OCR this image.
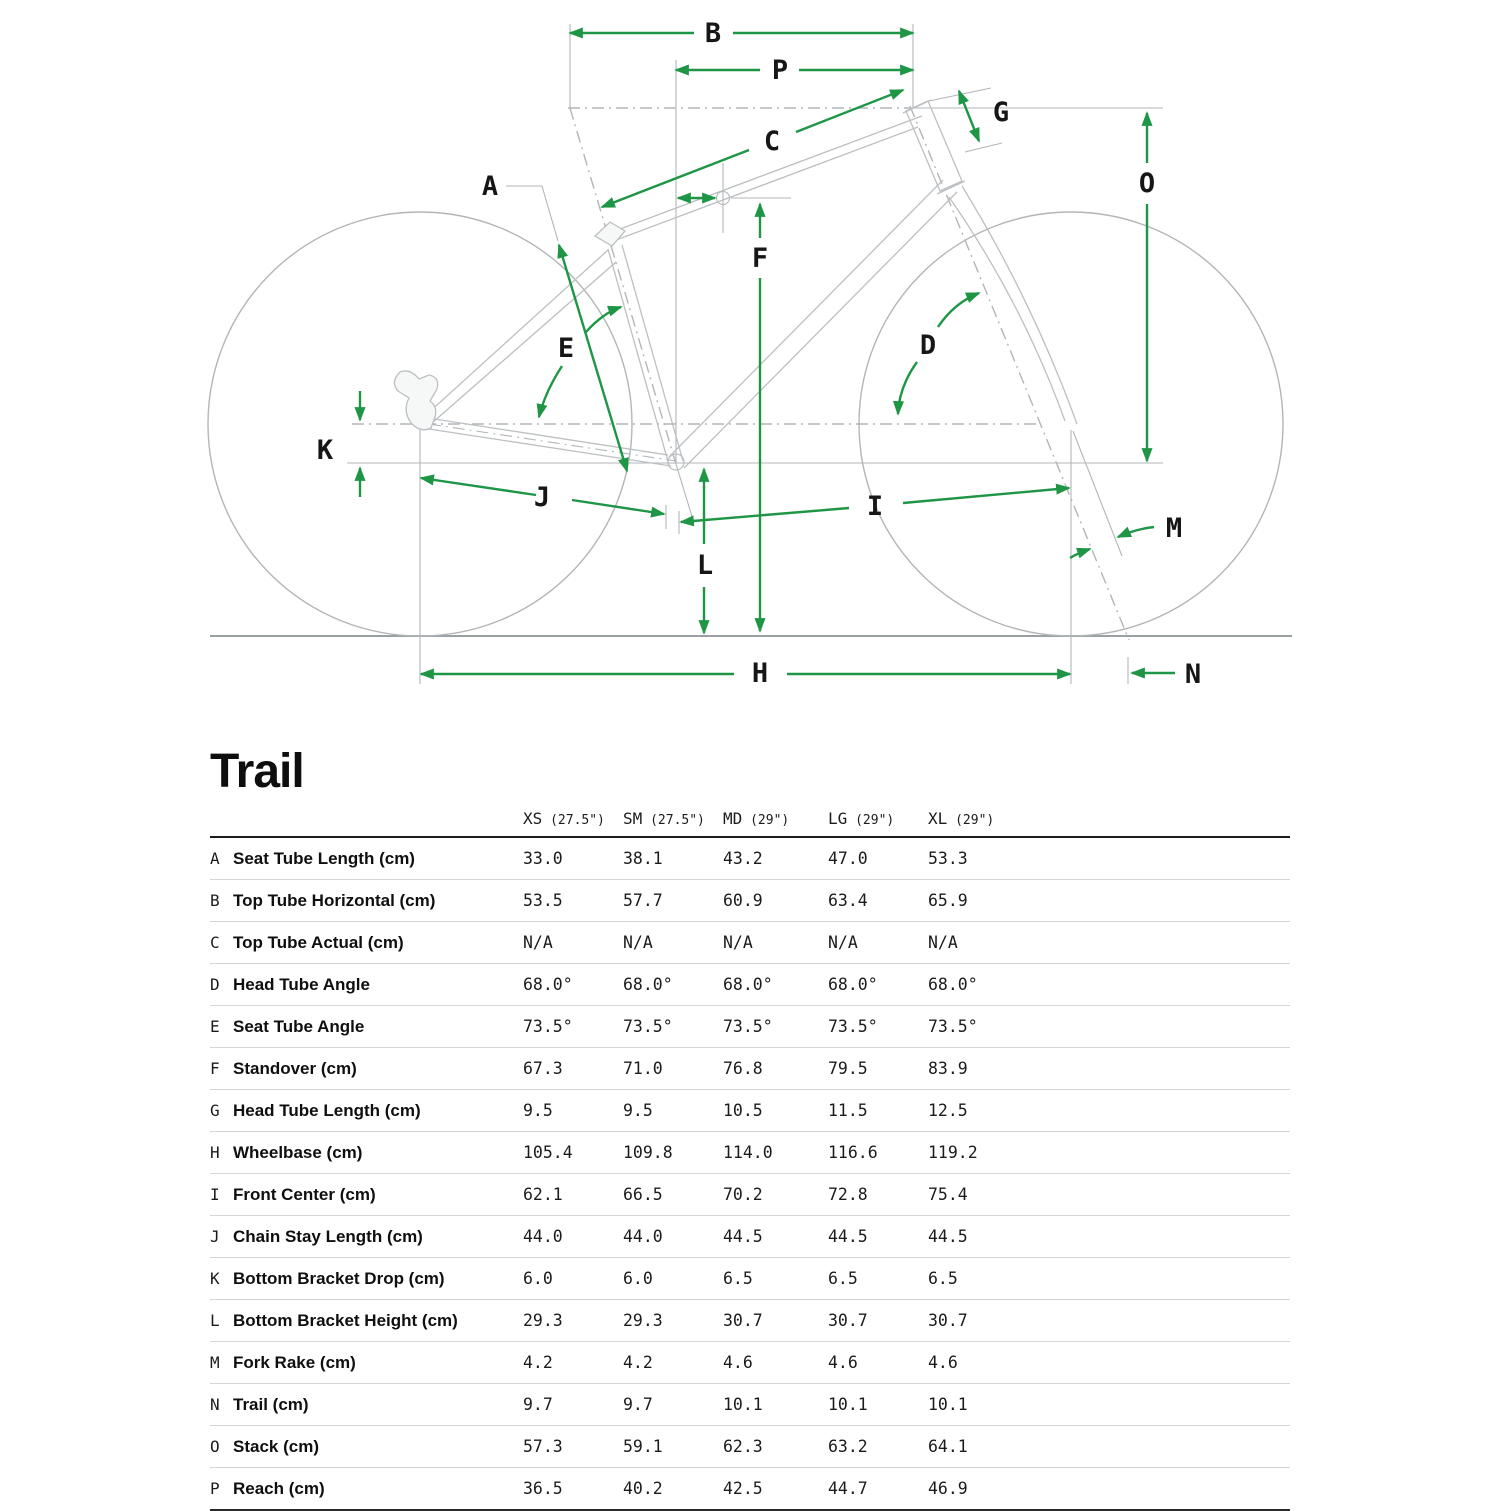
B
P
C
G
A	O
F
E	D
K
J	I
L
M
H	N
Trail
XS (27.5")	SM (27.5")	MD (29")	LG (29")	XL (29")
A Seat Tube Length (cm)	33.0	38.1	43.2	47.0	53.3
B Top Tube Horizontal (cm)	53.5	57.7	60.9	63.4	65.9
C Top Tube Actual (cm)	N/A	N/A	N/A	N/A	N/A
D Head Tube Angle	68.0°	68.0°	68.0°	68.0°	68.0°
E Seat Tube Angle	73.5°	73.5°	73.5°	73.5°	73.5°
F Standover (cm)	67.3	71.0	76.8	79.5	83.9
G Head Tube Length (cm)	9.5	9.5	10.5	11.5	12.5
H Wheelbase (cm)	105.4	109.8	114.0	116.6	119.2
I Front Center (cm)	62.1	66.5	70.2	72.8	75.4
J Chain Stay Length (cm)	44.0	44.0	44.5	44.5	44.5
K Bottom Bracket Drop (cm)	6.0	6.0	6.5	6.5	6.5
L Bottom Bracket Height (cm)	29.3	29.3	30.7	30.7	30.7
M Fork Rake (cm)	4.2	4.2	4.6	4.6	4.6
N Trail (cm)	9.7	9.7	10.1	10.1	10.1
O Stack (cm)	57.3	59.1	62.3	63.2	64.1
P Reach (cm)	36.5	40.2	42.5	44.7	46.9
